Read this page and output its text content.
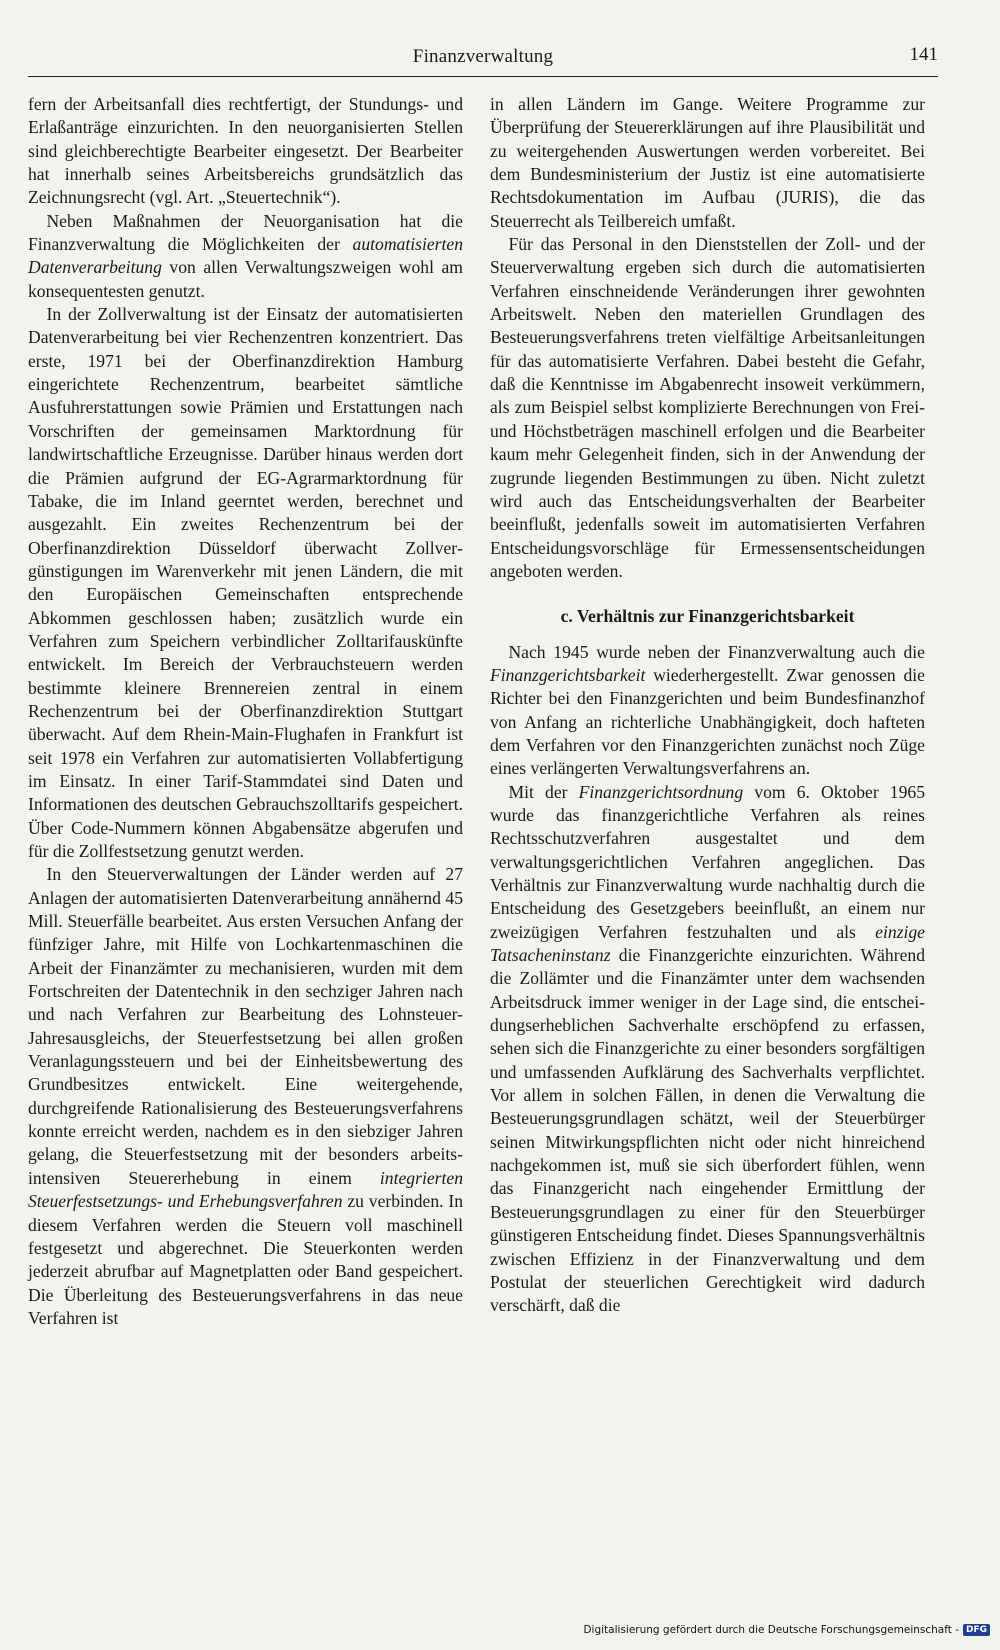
Finanzverwaltung	141

fern der Arbeitsanfall dies rechtfertigt, der Stundungs- und Erlaßanträge einzurichten. In den neuorganisierten Stellen sind gleichberechtigte Bearbeiter eingesetzt. Der Bearbeiter hat innerhalb seines Arbeitsbereichs grundsätzlich das Zeichnungsrecht (vgl. Art. „Steuertechnik“).

Neben Maßnahmen der Neuorganisation hat die Finanzverwaltung die Möglichkeiten der automatisierten Datenverarbeitung von allen Verwaltungszweigen wohl am konsequentesten genutzt.

In der Zollverwaltung ist der Einsatz der automatisierten Datenverarbeitung bei vier Rechenzentren konzentriert. Das erste, 1971 bei der Oberfinanzdirektion Hamburg eingerichtete Rechenzentrum, bearbeitet sämtliche Ausfuhrerstattungen sowie Prämien und Erstattungen nach Vorschriften der gemeinsamen Marktordnung für landwirtschaftliche Erzeugnisse. Darüber hinaus werden dort die Prämien aufgrund der EG-Agrarmarktordnung für Tabake, die im Inland geerntet werden, berechnet und ausgezahlt. Ein zweites Rechenzentrum bei der Oberfinanzdirektion Düsseldorf überwacht Zollvergünstigungen im Warenverkehr mit jenen Ländern, die mit den Europäischen Gemeinschaften entsprechende Abkommen geschlossen haben; zusätzlich wurde ein Verfahren zum Speichern verbindlicher Zolltarifauskünfte entwickelt. Im Bereich der Verbrauchsteuern werden bestimmte kleinere Brennereien zentral in einem Rechenzentrum bei der Oberfinanzdirektion Stuttgart überwacht. Auf dem Rhein-Main-Flughafen in Frankfurt ist seit 1978 ein Verfahren zur automatisierten Vollabfertigung im Einsatz. In einer Tarif-Stammdatei sind Daten und Informationen des deutschen Gebrauchszolltarifs gespeichert. Über Code-Nummern können Abgabensätze abgerufen und für die Zollfestsetzung genutzt werden.

In den Steuerverwaltungen der Länder werden auf 27 Anlagen der automatisierten Datenverarbeitung annähernd 45 Mill. Steuerfälle bearbeitet. Aus ersten Versuchen Anfang der fünfziger Jahre, mit Hilfe von Lochkartenmaschinen die Arbeit der Finanzämter zu mechanisieren, wurden mit dem Fortschreiten der Datentechnik in den sechziger Jahren nach und nach Verfahren zur Bearbeitung des Lohnsteuer-Jahresausgleichs, der Steuerfestsetzung bei allen großen Veranlagungssteuern und bei der Einheitsbewertung des Grundbesitzes entwickelt. Eine weitergehende, durchgreifende Rationalisierung des Besteuerungsverfahrens konnte erreicht werden, nachdem es in den siebziger Jahren gelang, die Steuerfestsetzung mit der besonders arbeitsintensiven Steuererhebung in einem integrierten Steuerfestsetzungs- und Erhebungsverfahren zu verbinden. In diesem Verfahren werden die Steuern voll maschinell festgesetzt und abgerechnet. Die Steuerkonten werden jederzeit abrufbar auf Magnetplatten oder Band gespeichert. Die Überleitung des Besteuerungsverfahrens in das neue Verfahren ist

in allen Ländern im Gange. Weitere Programme zur Überprüfung der Steuererklärungen auf ihre Plausibilität und zu weitergehenden Auswertungen werden vorbereitet. Bei dem Bundesministerium der Justiz ist eine automatisierte Rechtsdokumentation im Aufbau (JURIS), die das Steuerrecht als Teilbereich umfaßt.

Für das Personal in den Dienststellen der Zoll- und der Steuerverwaltung ergeben sich durch die automatisierten Verfahren einschneidende Veränderungen ihrer gewohnten Arbeitswelt. Neben den materiellen Grundlagen des Besteuerungsverfahrens treten vielfältige Arbeitsanleitungen für das automatisierte Verfahren. Dabei besteht die Gefahr, daß die Kenntnisse im Abgabenrecht insoweit verkümmern, als zum Beispiel selbst komplizierte Berechnungen von Frei- und Höchstbeträgen maschinell erfolgen und die Bearbeiter kaum mehr Gelegenheit finden, sich in der Anwendung der zugrunde liegenden Bestimmungen zu üben. Nicht zuletzt wird auch das Entscheidungsverhalten der Bearbeiter beeinflußt, jedenfalls soweit im automatisierten Verfahren Entscheidungsvorschläge für Ermessensentscheidungen angeboten werden.

c. Verhältnis zur Finanzgerichtsbarkeit

Nach 1945 wurde neben der Finanzverwaltung auch die Finanzgerichtsbarkeit wiederhergestellt. Zwar genossen die Richter bei den Finanzgerichten und beim Bundesfinanzhof von Anfang an richterliche Unabhängigkeit, doch hafteten dem Verfahren vor den Finanzgerichten zunächst noch Züge eines verlängerten Verwaltungsverfahrens an.

Mit der Finanzgerichtsordnung vom 6. Oktober 1965 wurde das finanzgerichtliche Verfahren als reines Rechtsschutzverfahren ausgestaltet und dem verwaltungsgerichtlichen Verfahren angeglichen. Das Verhältnis zur Finanzverwaltung wurde nachhaltig durch die Entscheidung des Gesetzgebers beeinflußt, an einem nur zweizügigen Verfahren festzuhalten und als einzige Tatsacheninstanz die Finanzgerichte einzurichten. Während die Zollämter und die Finanzämter unter dem wachsenden Arbeitsdruck immer weniger in der Lage sind, die entscheidungserheblichen Sachverhalte erschöpfend zu erfassen, sehen sich die Finanzgerichte zu einer besonders sorgfältigen und umfassenden Aufklärung des Sachverhalts verpflichtet. Vor allem in solchen Fällen, in denen die Verwaltung die Besteuerungsgrundlagen schätzt, weil der Steuerbürger seinen Mitwirkungspflichten nicht oder nicht hinreichend nachgekommen ist, muß sie sich überfordert fühlen, wenn das Finanzgericht nach eingehender Ermittlung der Besteuerungsgrundlagen zu einer für den Steuerbürger günstigeren Entscheidung findet. Dieses Spannungsverhältnis zwischen Effizienz in der Finanzverwaltung und dem Postulat der steuerlichen Gerechtigkeit wird dadurch verschärft, daß die

Digitalisierung gefördert durch die Deutsche Forschungsgemeinschaft - DFG
